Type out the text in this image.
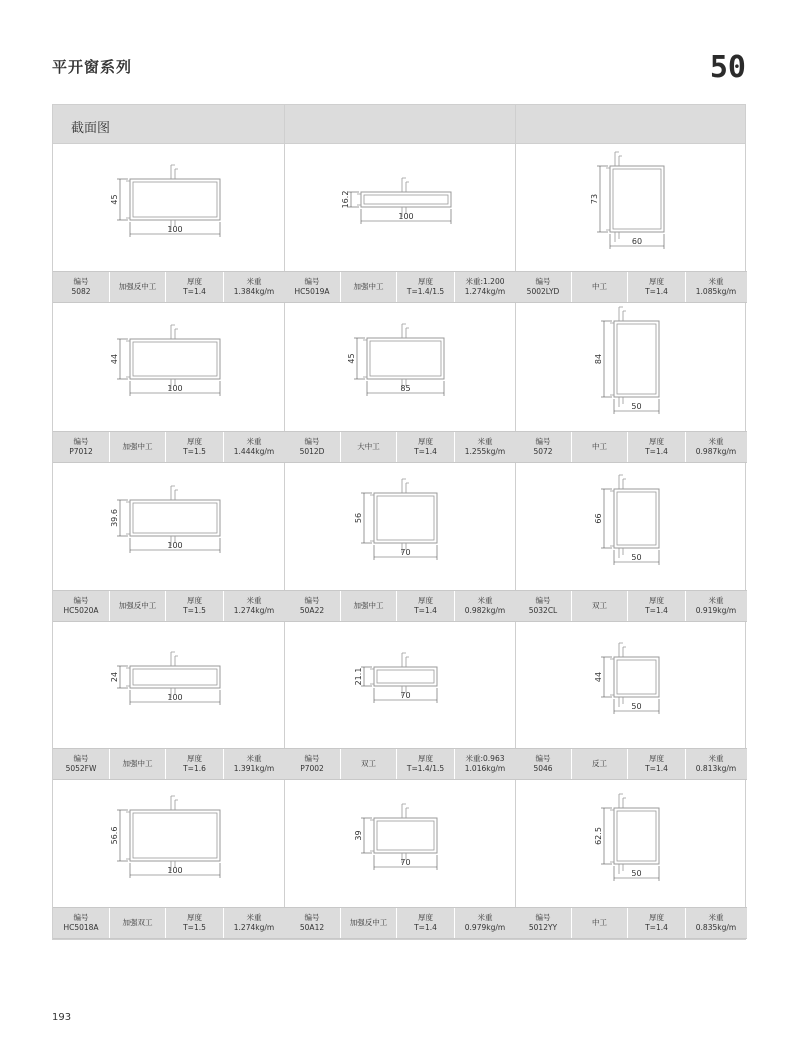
平开窗系列	50
截面图
100
45
编号
5082
加强反中工
厚度
T=1.4
米重
1.384kg/m
100
16.2
编号
HC5019A
加强中工
厚度
T=1.4/1.5
米重:1.200
1.274kg/m
60
73
编号
5002LYD
中工
厚度
T=1.4
米重
1.085kg/m
100
44
编号
P7012
加强中工
厚度
T=1.5
米重
1.444kg/m
85
45
编号
5012D
大中工
厚度
T=1.4
米重
1.255kg/m
50
84
编号
5072
中工
厚度
T=1.4
米重
0.987kg/m
100
39.6
编号
HC5020A
加强反中工
厚度
T=1.5
米重
1.274kg/m
70
56
编号
50A22
加强中工
厚度
T=1.4
米重
0.982kg/m
50
66
编号
5032CL
双工
厚度
T=1.4
米重
0.919kg/m
100
24
编号
5052FW
加强中工
厚度
T=1.6
米重
1.391kg/m
70
21.1
编号
P7002
双工
厚度
T=1.4/1.5
米重:0.963
1.016kg/m
50
44
编号
5046
反工
厚度
T=1.4
米重
0.813kg/m
100
56.6
编号
HC5018A
加强双工
厚度
T=1.5
米重
1.274kg/m
70
39
编号
50A12
加强反中工
厚度
T=1.4
米重
0.979kg/m
50
62.5
编号
5012YY
中工
厚度
T=1.4
米重
0.835kg/m
193
